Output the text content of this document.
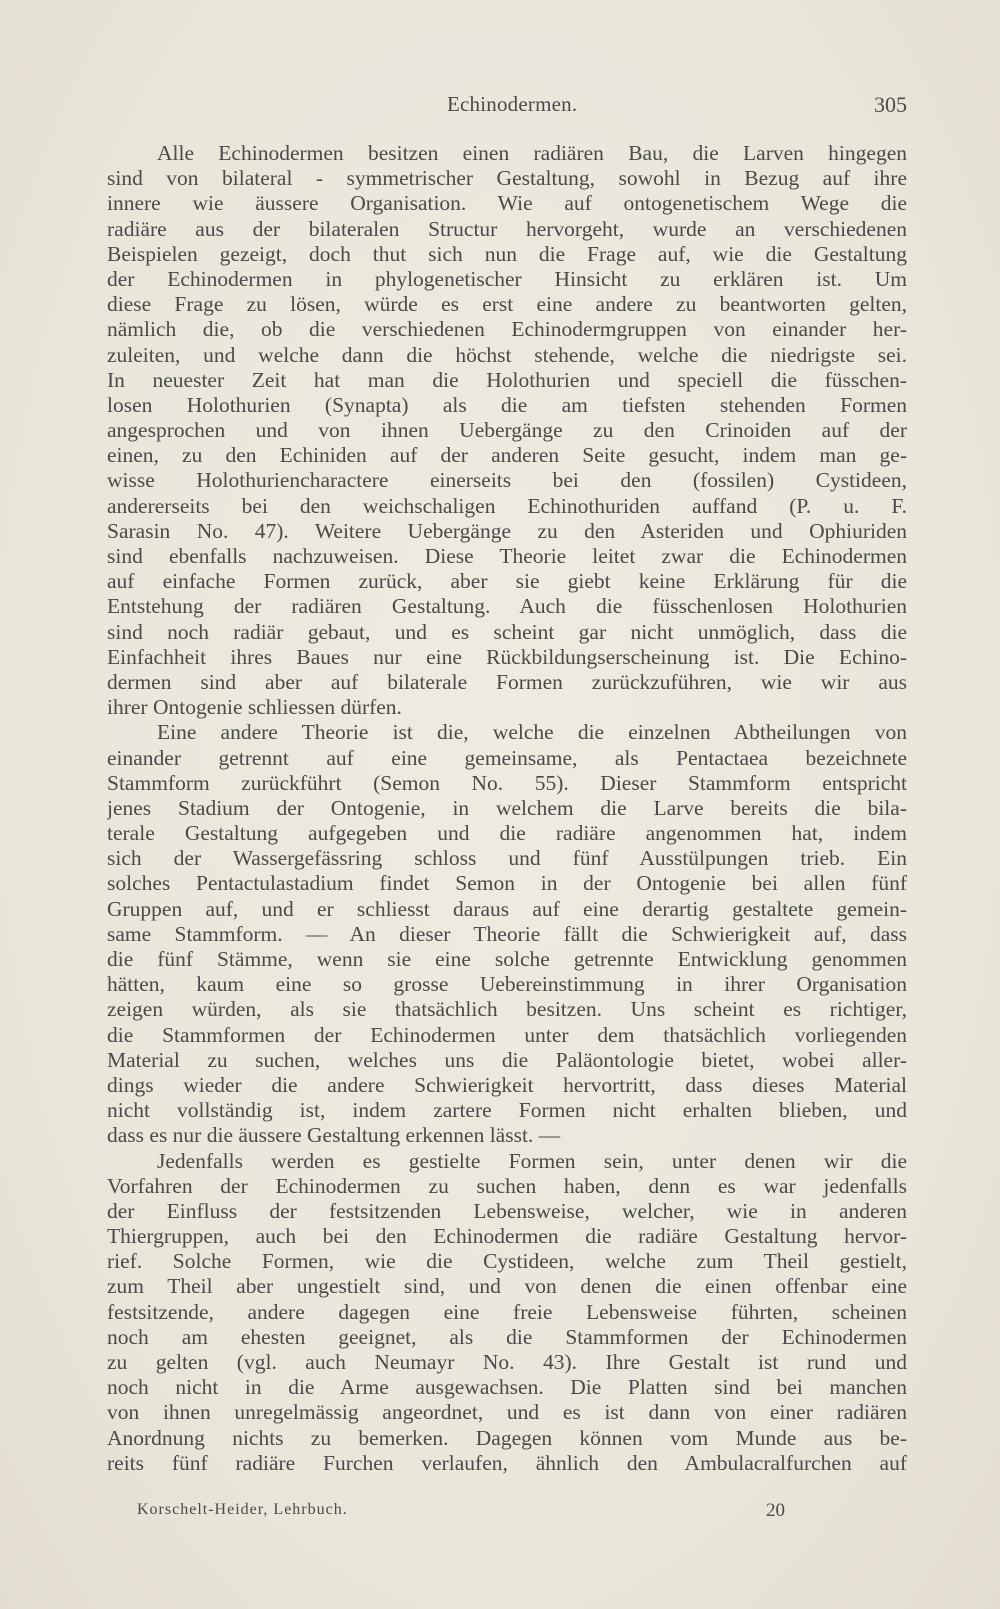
Echinodermen.	305
Alle Echinodermen besitzen einen radiären Bau, die Larven hingegen
sind von bilateral - symmetrischer Gestaltung, sowohl in Bezug auf ihre
innere wie äussere Organisation. Wie auf ontogenetischem Wege die
radiäre aus der bilateralen Structur hervorgeht, wurde an verschiedenen
Beispielen gezeigt, doch thut sich nun die Frage auf, wie die Gestaltung
der Echinodermen in phylogenetischer Hinsicht zu erklären ist. Um
diese Frage zu lösen, würde es erst eine andere zu beantworten gelten,
nämlich die, ob die verschiedenen Echinodermgruppen von einander her-
zuleiten, und welche dann die höchst stehende, welche die niedrigste sei.
In neuester Zeit hat man die Holothurien und speciell die füsschen-
losen Holothurien (Synapta) als die am tiefsten stehenden Formen
angesprochen und von ihnen Uebergänge zu den Crinoiden auf der
einen, zu den Echiniden auf der anderen Seite gesucht, indem man ge-
wisse Holothuriencharactere einerseits bei den (fossilen) Cystideen,
andererseits bei den weichschaligen Echinothuriden auffand (P. u. F.
Sarasin No. 47). Weitere Uebergänge zu den Asteriden und Ophiuriden
sind ebenfalls nachzuweisen. Diese Theorie leitet zwar die Echinodermen
auf einfache Formen zurück, aber sie giebt keine Erklärung für die
Entstehung der radiären Gestaltung. Auch die füsschenlosen Holothurien
sind noch radiär gebaut, und es scheint gar nicht unmöglich, dass die
Einfachheit ihres Baues nur eine Rückbildungserscheinung ist. Die Echino-
dermen sind aber auf bilaterale Formen zurückzuführen, wie wir aus
ihrer Ontogenie schliessen dürfen.
Eine andere Theorie ist die, welche die einzelnen Abtheilungen von
einander getrennt auf eine gemeinsame, als Pentactaea bezeichnete
Stammform zurückführt (Semon No. 55). Dieser Stammform entspricht
jenes Stadium der Ontogenie, in welchem die Larve bereits die bila-
terale Gestaltung aufgegeben und die radiäre angenommen hat, indem
sich der Wassergefässring schloss und fünf Ausstülpungen trieb. Ein
solches Pentactulastadium findet Semon in der Ontogenie bei allen fünf
Gruppen auf, und er schliesst daraus auf eine derartig gestaltete gemein-
same Stammform. — An dieser Theorie fällt die Schwierigkeit auf, dass
die fünf Stämme, wenn sie eine solche getrennte Entwicklung genommen
hätten, kaum eine so grosse Uebereinstimmung in ihrer Organisation
zeigen würden, als sie thatsächlich besitzen. Uns scheint es richtiger,
die Stammformen der Echinodermen unter dem thatsächlich vorliegenden
Material zu suchen, welches uns die Paläontologie bietet, wobei aller-
dings wieder die andere Schwierigkeit hervortritt, dass dieses Material
nicht vollständig ist, indem zartere Formen nicht erhalten blieben, und
dass es nur die äussere Gestaltung erkennen lässt. —
Jedenfalls werden es gestielte Formen sein, unter denen wir die
Vorfahren der Echinodermen zu suchen haben, denn es war jedenfalls
der Einfluss der festsitzenden Lebensweise, welcher, wie in anderen
Thiergruppen, auch bei den Echinodermen die radiäre Gestaltung hervor-
rief. Solche Formen, wie die Cystideen, welche zum Theil gestielt,
zum Theil aber ungestielt sind, und von denen die einen offenbar eine
festsitzende, andere dagegen eine freie Lebensweise führten, scheinen
noch am ehesten geeignet, als die Stammformen der Echinodermen
zu gelten (vgl. auch Neumayr No. 43). Ihre Gestalt ist rund und
noch nicht in die Arme ausgewachsen. Die Platten sind bei manchen
von ihnen unregelmässig angeordnet, und es ist dann von einer radiären
Anordnung nichts zu bemerken. Dagegen können vom Munde aus be-
reits fünf radiäre Furchen verlaufen, ähnlich den Ambulacralfurchen auf
Korschelt-Heider, Lehrbuch.	20
